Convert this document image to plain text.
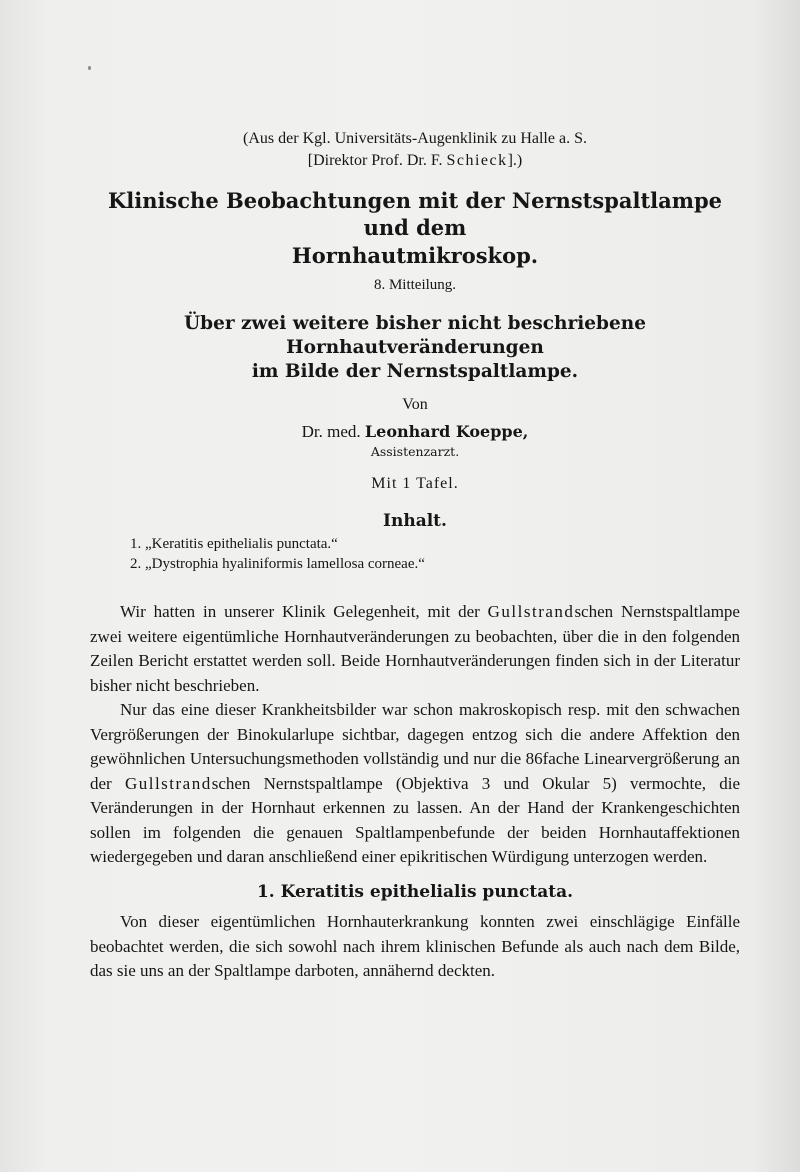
(Aus der Kgl. Universitäts-Augenklinik zu Halle a. S.
[Direktor Prof. Dr. F. Schieck].)
Klinische Beobachtungen mit der Nernstspaltlampe und dem
Hornhautmikroskop.
8. Mitteilung.
Über zwei weitere bisher nicht beschriebene Hornhautveränderungen
im Bilde der Nernstspaltlampe.
Von
Dr. med. Leonhard Koeppe,
Assistenzarzt.
Mit 1 Tafel.
Inhalt.
1. „Keratitis epithelialis punctata.“
2. „Dystrophia hyaliniformis lamellosa corneae.“

Wir hatten in unserer Klinik Gelegenheit, mit der Gullstrandschen Nernstspaltlampe zwei weitere eigentümliche Hornhautveränderungen zu beobachten, über die in den folgenden Zeilen Bericht erstattet werden soll. Beide Hornhautveränderungen finden sich in der Literatur bisher nicht beschrieben.

Nur das eine dieser Krankheitsbilder war schon makroskopisch resp. mit den schwachen Vergrößerungen der Binokularlupe sichtbar, dagegen entzog sich die andere Affektion den gewöhnlichen Untersuchungsmethoden vollständig und nur die 86fache Linearvergrößerung an der Gullstrandschen Nernstspaltlampe (Objektiva 3 und Okular 5) vermochte, die Veränderungen in der Hornhaut erkennen zu lassen. An der Hand der Krankengeschichten sollen im folgenden die genauen Spaltlampenbefunde der beiden Hornhautaffektionen wiedergegeben und daran anschließend einer epikritischen Würdigung unterzogen werden.

1. Keratitis epithelialis punctata.

Von dieser eigentümlichen Hornhauterkrankung konnten zwei einschlägige Einfälle beobachtet werden, die sich sowohl nach ihrem klinischen Befunde als auch nach dem Bilde, das sie uns an der Spaltlampe darboten, annähernd deckten.
